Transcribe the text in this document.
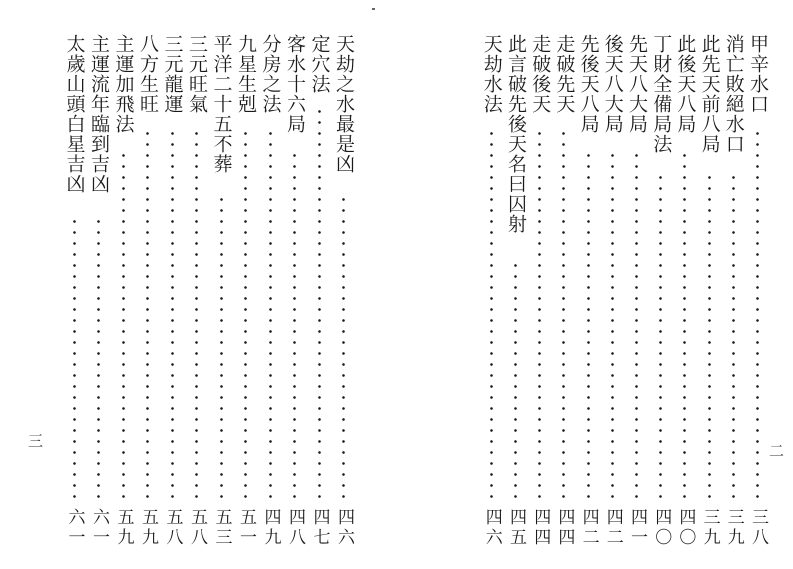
三
天劫之水最是凶
四六
定穴法
四七
客水十六局
四八
分房之法
四九
九星生剋
五一
平洋二十五不葬
五三
三元旺氣
五八
三元龍運
五八
八方生旺
五九
主運加飛法
五九
主運流年臨到吉凶
六一
太歲山頭白星吉凶
六一
二
甲辛水口
三八
消亡敗絕水口
三九
此先天前八局
三九
此後天八局
四〇
丁財全備局法
四〇
先天八大局
四一
後天八大局
四二
先後天八局
四二
走破先天
四四
走破後天
四四
此言破先後天名曰囚射
四五
天劫水法
四六
